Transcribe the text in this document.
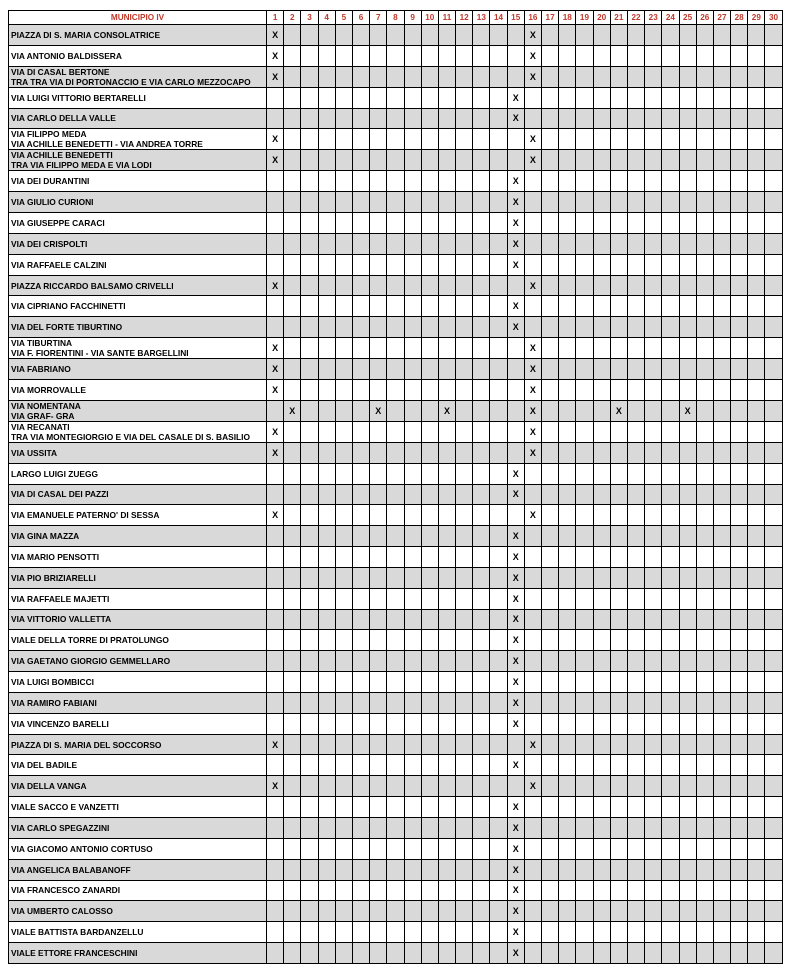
MUNICIPIO IV	1	2	3	4	5	6	7	8	9	10	11	12	13	14	15	16	17	18	19	20	21	22	23	24	25	26	27	28	29	30

PIAZZA DI S. MARIA CONSOLATRICE	X															X														

VIA ANTONIO BALDISSERA	X															X														

VIA DI CASAL BERTONE
TRA TRA VIA DI PORTONACCIO E VIA CARLO MEZZOCAPO	X															X														

VIA LUIGI VITTORIO BERTARELLI															X															

VIA CARLO DELLA VALLE															X															

VIA FILIPPO MEDA
VIA ACHILLE BENEDETTI - VIA ANDREA TORRE	X															X														

VIA ACHILLE BENEDETTI
TRA VIA FILIPPO MEDA E VIA LODI	X															X														

VIA DEI DURANTINI															X															

VIA GIULIO CURIONI															X															

VIA GIUSEPPE CARACI															X															

VIA DEI CRISPOLTI															X															

VIA RAFFAELE CALZINI															X															

PIAZZA RICCARDO BALSAMO CRIVELLI	X															X														

VIA CIPRIANO FACCHINETTI															X															

VIA DEL FORTE TIBURTINO															X															

VIA TIBURTINA
VIA F. FIORENTINI - VIA SANTE BARGELLINI	X															X														

VIA FABRIANO	X															X														

VIA MORROVALLE	X															X														

VIA NOMENTANA
VIA GRAF- GRA		X					X				X					X					X				X					

VIA RECANATI
TRA VIA MONTEGIORGIO E VIA DEL CASALE DI S. BASILIO	X															X														

VIA USSITA	X															X														

LARGO LUIGI ZUEGG															X															

VIA DI CASAL DEI PAZZI															X															

VIA EMANUELE PATERNO' DI SESSA	X															X														

VIA GINA MAZZA															X															

VIA MARIO PENSOTTI															X															

VIA PIO BRIZIARELLI															X															

VIA RAFFAELE MAJETTI															X															

VIA VITTORIO VALLETTA															X															

VIALE DELLA TORRE DI PRATOLUNGO															X															

VIA GAETANO GIORGIO GEMMELLARO															X															

VIA LUIGI BOMBICCI															X															

VIA RAMIRO FABIANI															X															

VIA VINCENZO BARELLI															X															

PIAZZA DI S. MARIA DEL SOCCORSO	X															X														

VIA DEL BADILE															X															

VIA DELLA VANGA	X															X														

VIALE SACCO E VANZETTI															X															

VIA CARLO SPEGAZZINI															X															

VIA GIACOMO ANTONIO CORTUSO															X															

VIA ANGELICA BALABANOFF															X															

VIA FRANCESCO ZANARDI															X															

VIA UMBERTO CALOSSO															X															

VIALE BATTISTA BARDANZELLU															X															

VIALE ETTORE FRANCESCHINI															X															
